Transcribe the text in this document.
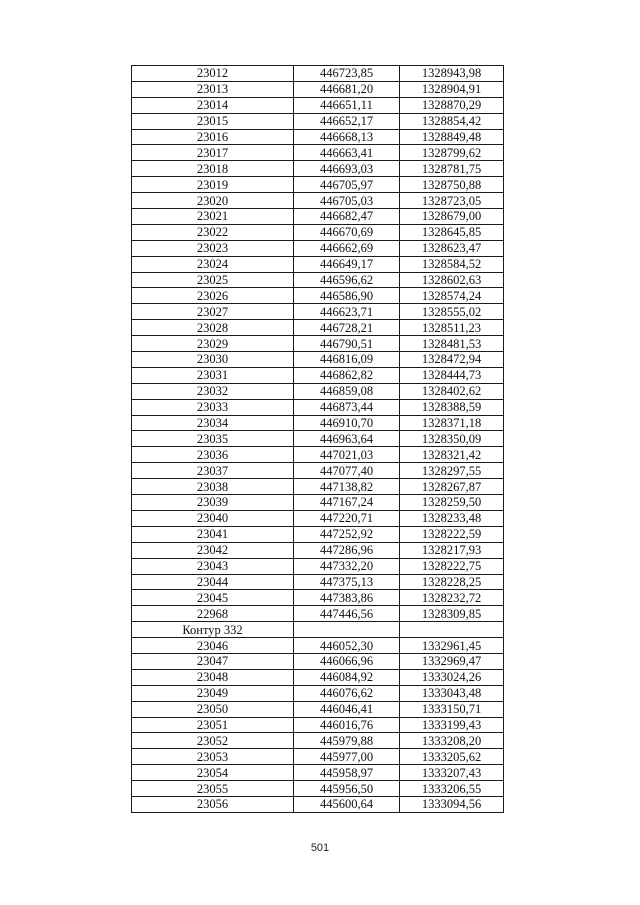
23012	446723,85	1328943,98
23013	446681,20	1328904,91
23014	446651,11	1328870,29
23015	446652,17	1328854,42
23016	446668,13	1328849,48
23017	446663,41	1328799,62
23018	446693,03	1328781,75
23019	446705,97	1328750,88
23020	446705,03	1328723,05
23021	446682,47	1328679,00
23022	446670,69	1328645,85
23023	446662,69	1328623,47
23024	446649,17	1328584,52
23025	446596,62	1328602,63
23026	446586,90	1328574,24
23027	446623,71	1328555,02
23028	446728,21	1328511,23
23029	446790,51	1328481,53
23030	446816,09	1328472,94
23031	446862,82	1328444,73
23032	446859,08	1328402,62
23033	446873,44	1328388,59
23034	446910,70	1328371,18
23035	446963,64	1328350,09
23036	447021,03	1328321,42
23037	447077,40	1328297,55
23038	447138,82	1328267,87
23039	447167,24	1328259,50
23040	447220,71	1328233,48
23041	447252,92	1328222,59
23042	447286,96	1328217,93
23043	447332,20	1328222,75
23044	447375,13	1328228,25
23045	447383,86	1328232,72
22968	447446,56	1328309,85
Контур 332		
23046	446052,30	1332961,45
23047	446066,96	1332969,47
23048	446084,92	1333024,26
23049	446076,62	1333043,48
23050	446046,41	1333150,71
23051	446016,76	1333199,43
23052	445979,88	1333208,20
23053	445977,00	1333205,62
23054	445958,97	1333207,43
23055	445956,50	1333206,55
23056	445600,64	1333094,56
501
